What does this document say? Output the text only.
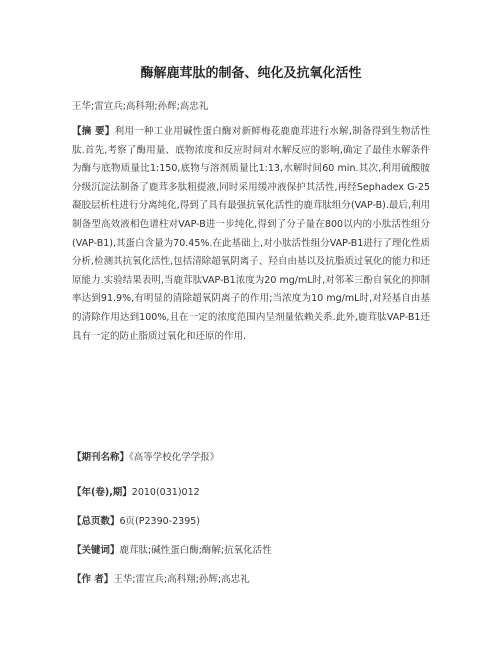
酶解鹿茸肽的制备、纯化及抗氧化活性
王华;雷宣兵;高科翔;孙辉;高忠礼
【摘 要】利用一种工业用碱性蛋白酶对新鲜梅花鹿鹿茸进行水解,制备得到生物活性肽.首先,考察了酶用量、底物浓度和反应时间对水解反应的影响,确定了最佳水解条件为酶与底物质量比1:150,底物与溶剂质量比1:13,水解时间60 min.其次,利用硫酸胺分级沉淀法制备了鹿茸多肽粗提液,同时采用缓冲液保护其活性,再经Sephadex G-25凝胶层析柱进行分离纯化,得到了具有最强抗氧化活性的鹿茸肽组分(VAP-B).最后,利用制备型高效液相色谱柱对VAP-B进一步纯化,得到了分子量在800以内的小肽活性组分(VAP-B1),其蛋白含量为70.45%.在此基础上,对小肽活性组分VAP-B1进行了理化性质分析,检测其抗氧化活性,包括清除超氧阴离子、羟自由基以及抗脂质过氧化的能力和还原能力.实验结果表明,当鹿茸肽VAP-B1浓度为20 mg/mL时,对邻苯三酚自氧化的抑制率达到91.9%,有明显的清除超氧阴离子的作用;当浓度为10 mg/mL时,对羟基自由基的清除作用达到100%,且在一定的浓度范围内呈剂量依赖关系.此外,鹿茸肽VAP-B1还具有一定的防止脂质过氧化和还原的作用.
【期刊名称】《高等学校化学学报》
【年(卷),期】2010(031)012
【总页数】6页(P2390-2395)
【关键词】鹿茸肽;碱性蛋白酶;酶解;抗氧化活性
【作 者】王华;雷宣兵;高科翔;孙辉;高忠礼
